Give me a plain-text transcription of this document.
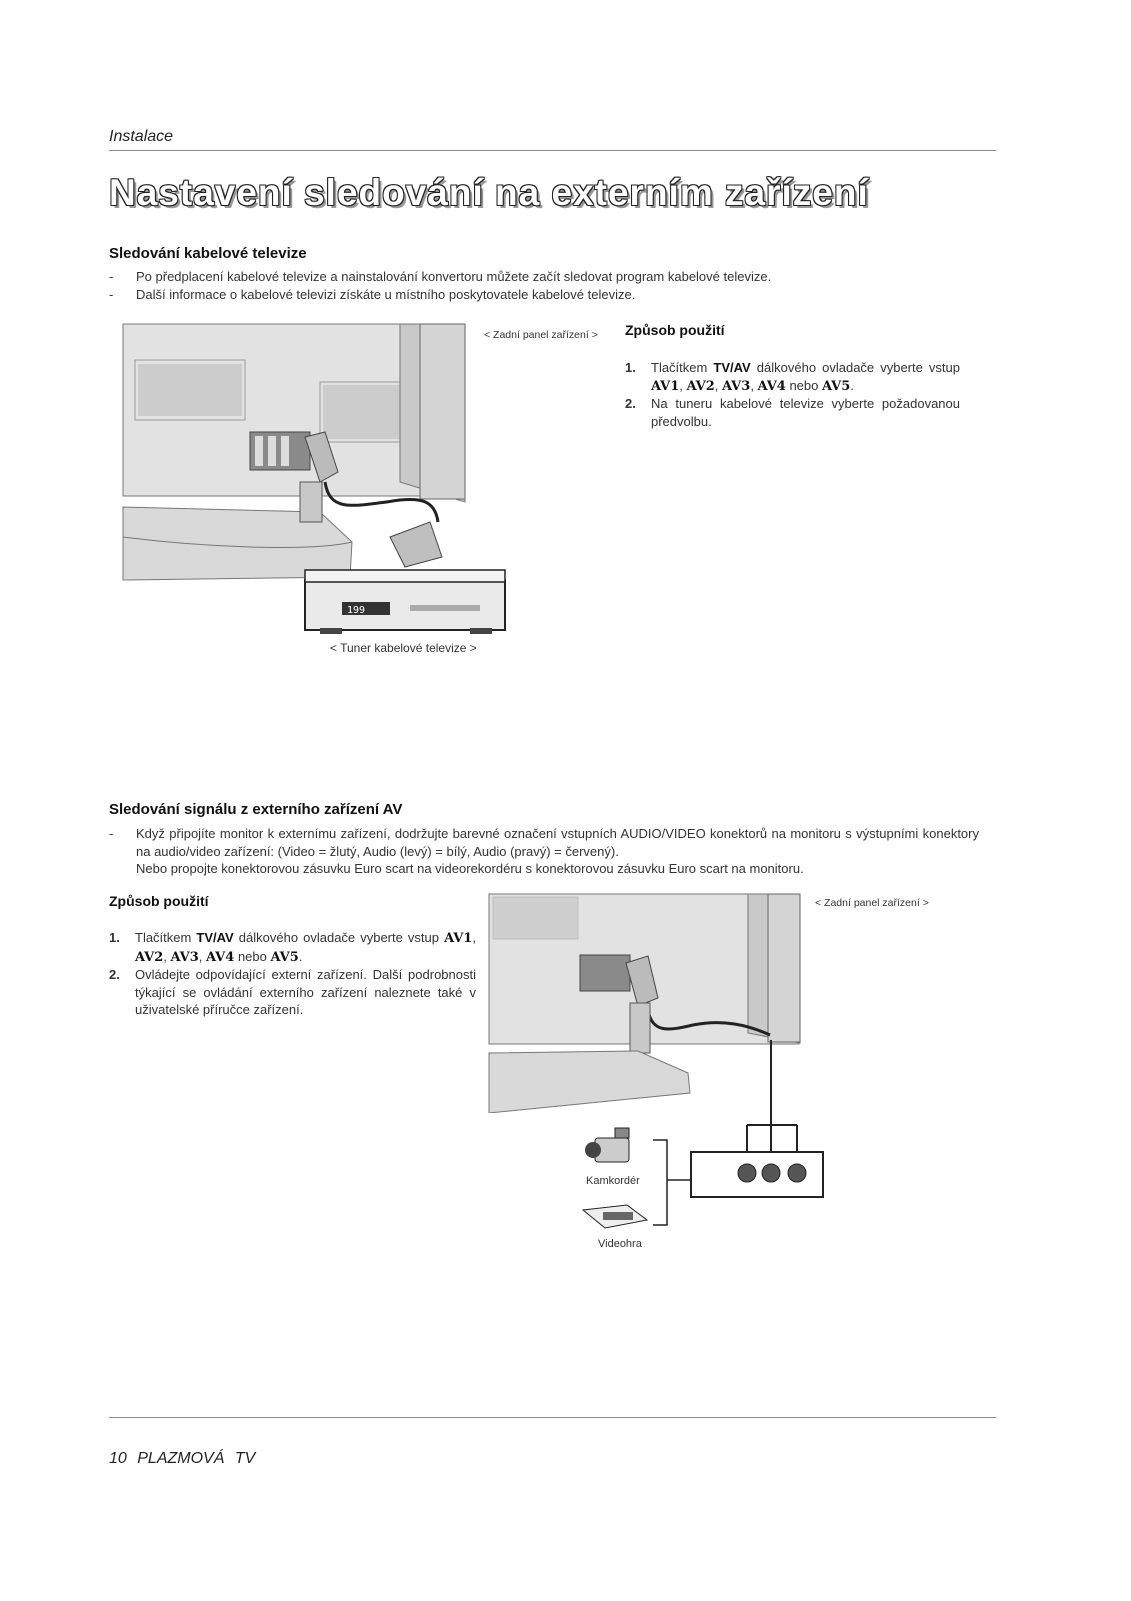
Instalace
Nastavení sledování na externím zařízení
Sledování kabelové televize
- Po předplacení kabelové televize a nainstalování konvertoru můžete začít sledovat program kabelové televize.
- Další informace o kabelové televizi získáte u místního poskytovatele kabelové televize.
199
< Zadní panel zařízení >
< Tuner kabelové televize >
Způsob použití
1. Tlačítkem TV/AV dálkového ovladače vyberte vstup AV1, AV2, AV3, AV4 nebo AV5.
2. Na tuneru kabelové televize vyberte požadovanou předvolbu.
Sledování signálu z externího zařízení AV
- Když připojíte monitor k externímu zařízení, dodržujte barevné označení vstupních AUDIO/VIDEO konektorů na monitoru s výstupními konektory na audio/video zařízení: (Video = žlutý, Audio (levý) = bílý, Audio (pravý) = červený).
Nebo propojte konektorovou zásuvku Euro scart na videorekordéru s konektorovou zásuvku Euro scart na monitoru.
Způsob použití
1. Tlačítkem TV/AV dálkového ovladače vyberte vstup AV1, AV2, AV3, AV4 nebo AV5.
2. Ovládejte odpovídající externí zařízení. Další podrobnosti týkající se ovládání externího zařízení naleznete také v uživatelské příručce zařízení.
< Zadní panel zařízení >
Kamkordér
Videohra
10 PLAZMOVÁ TV
